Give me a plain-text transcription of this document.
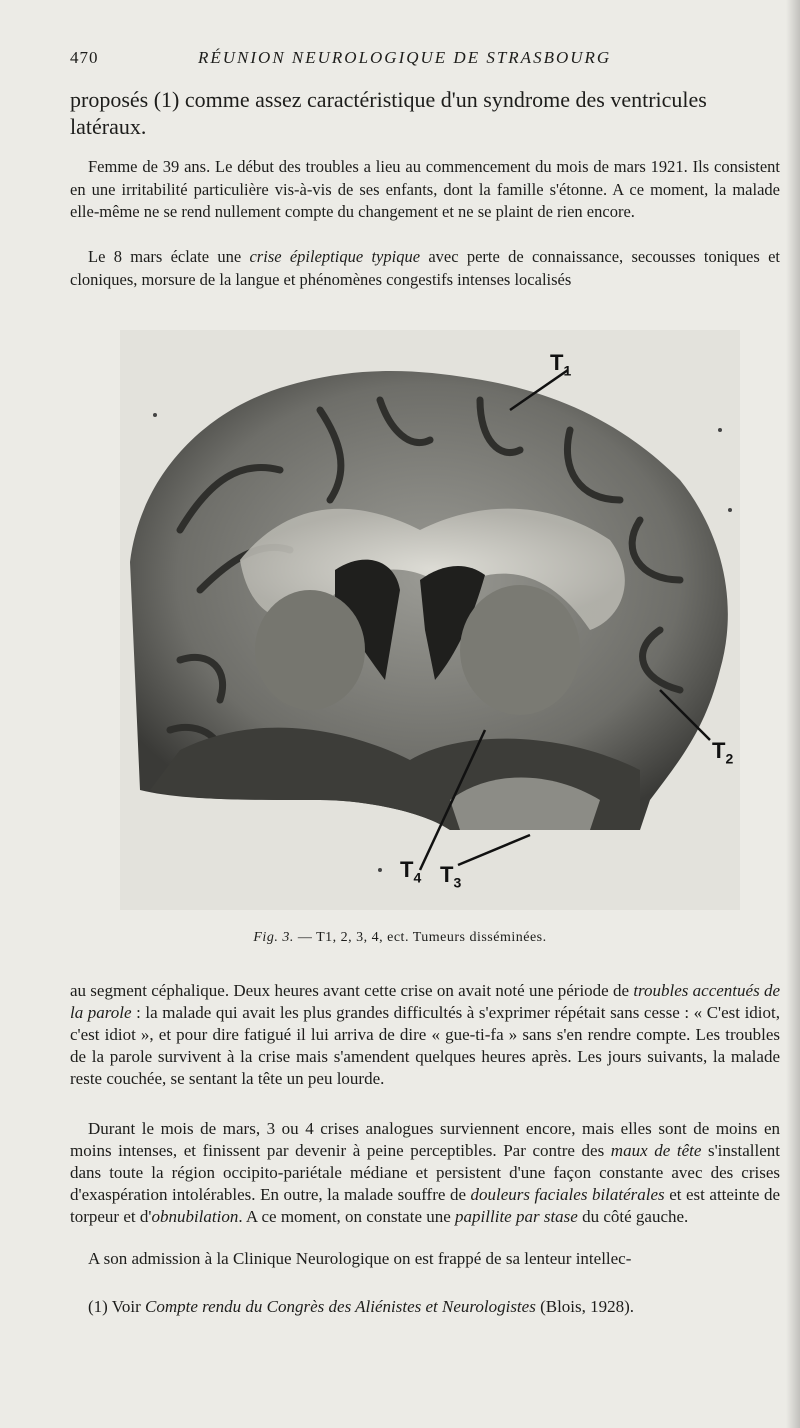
470	RÉUNION NEUROLOGIQUE DE STRASBOURG
proposés (1) comme assez caractéristique d'un syndrome des ventricules latéraux.
Femme de 39 ans. Le début des troubles a lieu au commencement du mois de mars 1921. Ils consistent en une irritabilité particulière vis-à-vis de ses enfants, dont la famille s'étonne. A ce moment, la malade elle-même ne se rend nullement compte du changement et ne se plaint de rien encore.
Le 8 mars éclate une crise épileptique typique avec perte de connaissance, secousses toniques et cloniques, morsure de la langue et phénomènes congestifs intenses localisés
$T_1$
$T_2$
$T_4$ $T_3$
Fig. 3. — T1, 2, 3, 4, ect. Tumeurs disséminées.
au segment céphalique. Deux heures avant cette crise on avait noté une période de troubles accentués de la parole : la malade qui avait les plus grandes difficultés à s'exprimer répétait sans cesse : « C'est idiot, c'est idiot », et pour dire fatigué il lui arriva de dire « gue-ti-fa » sans s'en rendre compte. Les troubles de la parole survivent à la crise mais s'amendent quelques heures après. Les jours suivants, la malade reste couchée, se sentant la tête un peu lourde.
Durant le mois de mars, 3 ou 4 crises analogues surviennent encore, mais elles sont de moins en moins intenses, et finissent par devenir à peine perceptibles. Par contre des maux de tête s'installent dans toute la région occipito-pariétale médiane et persistent d'une façon constante avec des crises d'exaspération intolérables. En outre, la malade souffre de douleurs faciales bilatérales et est atteinte de torpeur et d'obnubilation. A ce moment, on constate une papillite par stase du côté gauche.
A son admission à la Clinique Neurologique on est frappé de sa lenteur intellec-
(1) Voir Compte rendu du Congrès des Aliénistes et Neurologistes (Blois, 1928).
